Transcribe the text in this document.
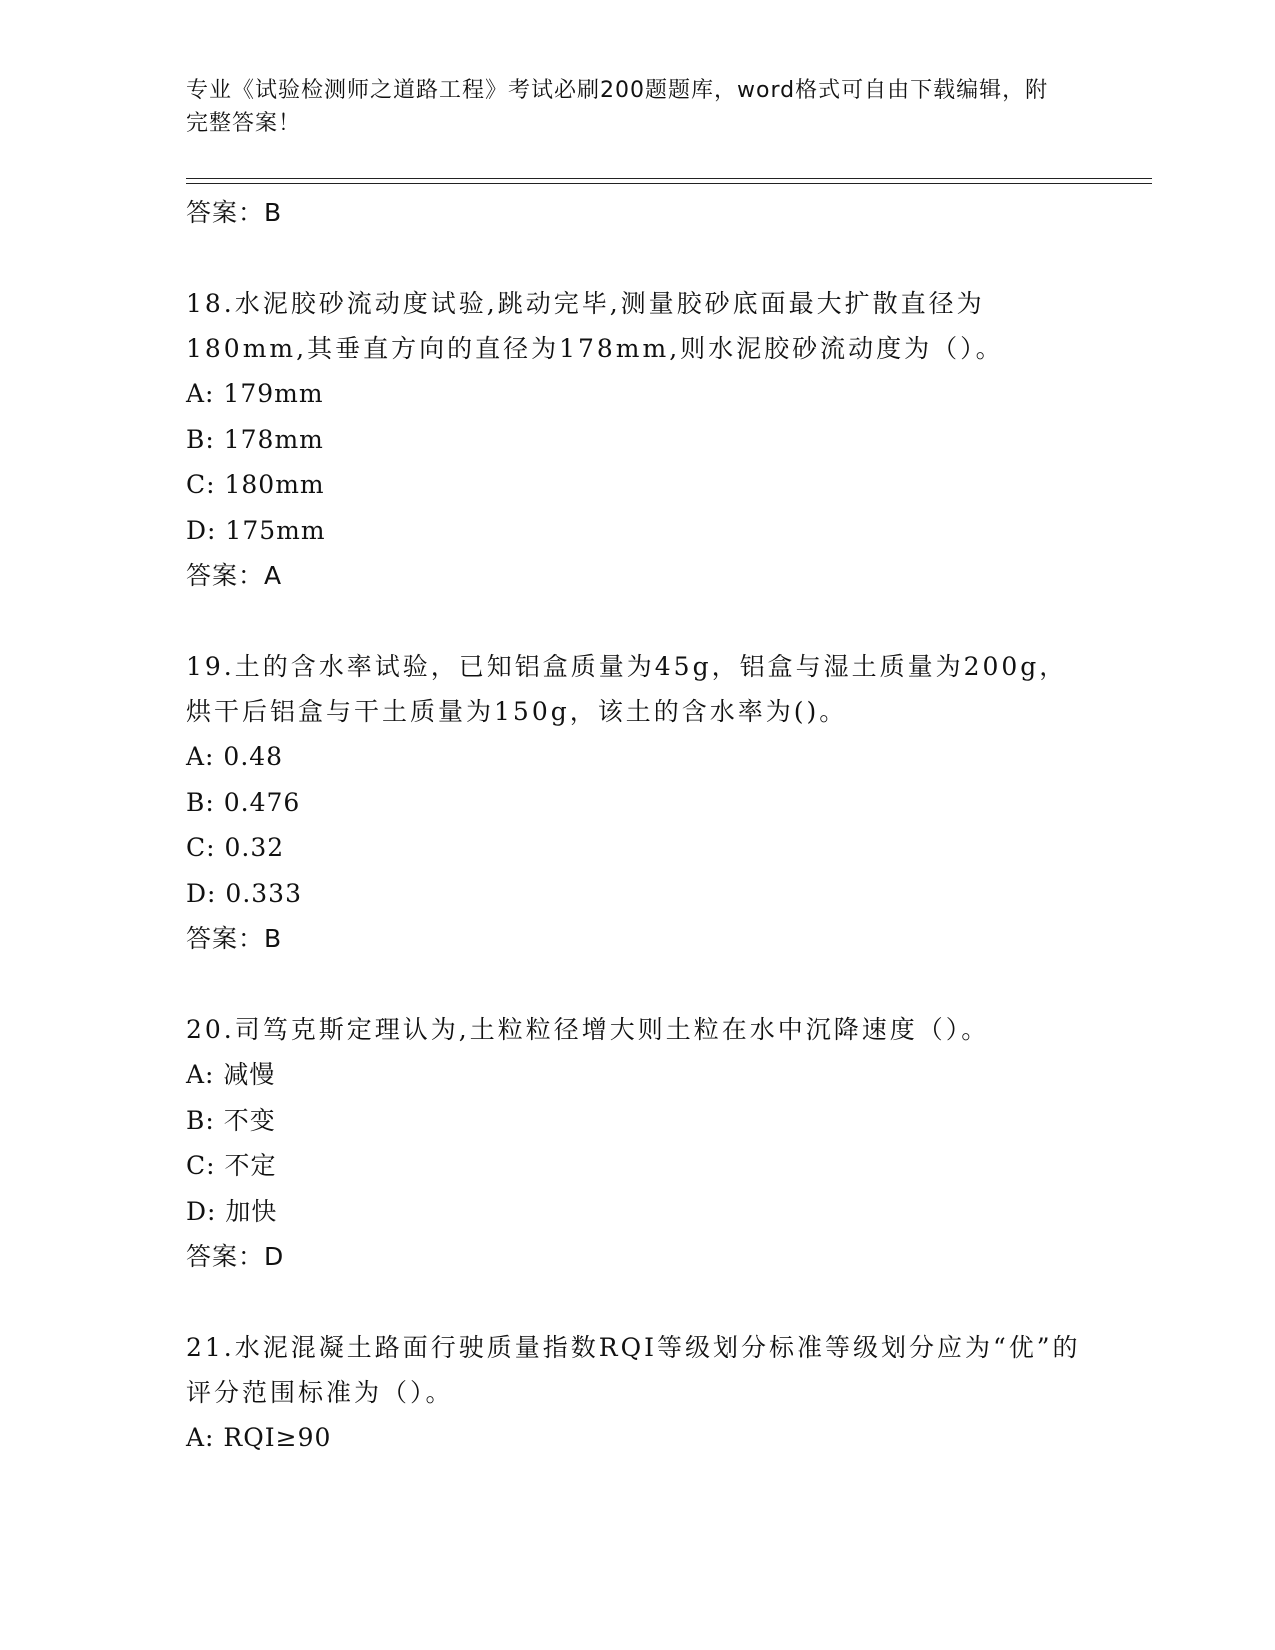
专业《试验检测师之道路工程》考试必刷200题题库，word格式可自由下载编辑，附完整答案！

答案：B

18.水泥胶砂流动度试验,跳动完毕,测量胶砂底面最大扩散直径为180mm,其垂直方向的直径为178mm,则水泥胶砂流动度为（）。

A: 179mm

B: 178mm

C: 180mm

D: 175mm

答案：A

19.土的含水率试验，已知铝盒质量为45g，铝盒与湿土质量为200g，烘干后铝盒与干土质量为150g，该土的含水率为()。

A: 0.48

B: 0.476

C: 0.32

D: 0.333

答案：B

20.司笃克斯定理认为,土粒粒径增大则土粒在水中沉降速度（）。

A: 减慢

B: 不变

C: 不定

D: 加快

答案：D

21.水泥混凝土路面行驶质量指数RQI等级划分标准等级划分应为“优”的评分范围标准为（）。

A: RQI≥90
